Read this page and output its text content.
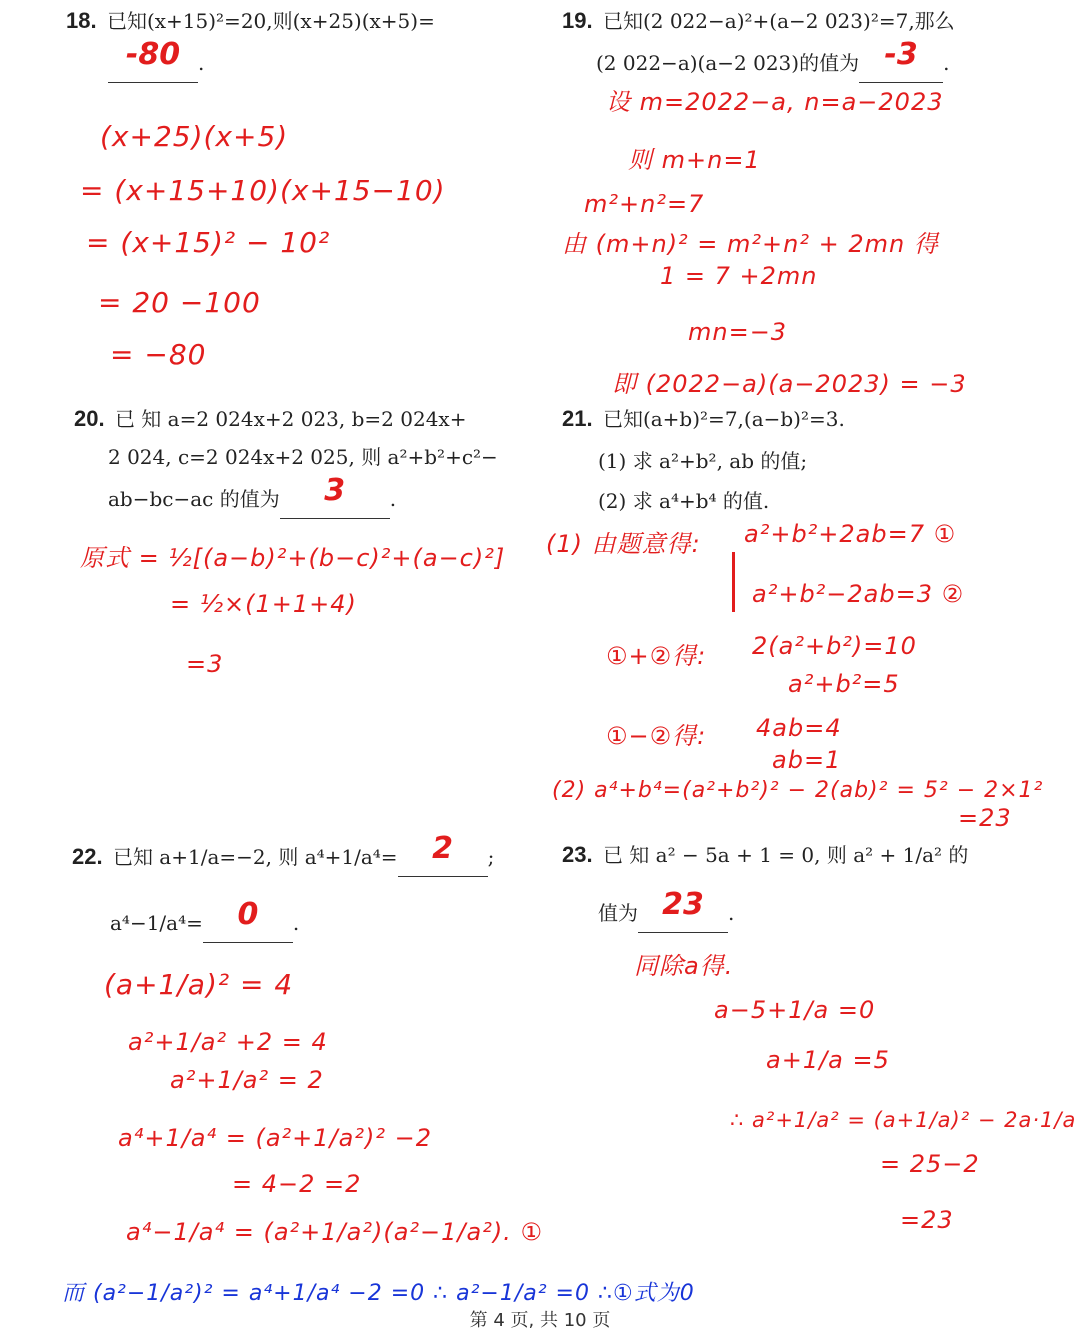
18. 已知(x+15)²=20,则(x+25)(x+5)=
-80 .
(x+25)(x+5)
= (x+15+10)(x+15−10)
= (x+15)² − 10²
= 20 −100
= −80
19. 已知(2 022−a)²+(a−2 023)²=7,那么
(2 022−a)(a−2 023)的值为 -3 .
设 m=2022−a, n=a−2023
则 m+n=1
m²+n²=7
由 (m+n)² = m²+n² + 2mn 得
1 = 7 +2mn
mn=−3
即 (2022−a)(a−2023) = −3
20. 已 知 a=2 024x+2 023, b=2 024x+
2 024, c=2 024x+2 025, 则 a²+b²+c²−
ab−bc−ac 的值为 3 .
原式 = ½[(a−b)²+(b−c)²+(a−c)²]
= ½×(1+1+4)
=3
21. 已知(a+b)²=7,(a−b)²=3.
(1) 求 a²+b², ab 的值;
(2) 求 a⁴+b⁴ 的值.
(1) 由题意得: a²+b²+2ab=7 ①
a²+b²−2ab=3 ②
①+②得: 2(a²+b²)=10
a²+b²=5
①−②得: 4ab=4
ab=1
(2) a⁴+b⁴=(a²+b²)² − 2(ab)² = 5² − 2×1²
=23
22. 已知 a+1/a=−2, 则 a⁴+1/a⁴= 2 ;
a⁴−1/a⁴= 0 .
(a+1/a)² = 4
a²+1/a² +2 = 4
a²+1/a² = 2
a⁴+1/a⁴ = (a²+1/a²)² −2
= 4−2 =2
a⁴−1/a⁴ = (a²+1/a²)(a²−1/a²). ①
而 (a²−1/a²)² = a⁴+1/a⁴ −2 =0 ∴ a²−1/a² =0 ∴①式为0
23. 已 知 a² − 5a + 1 = 0, 则 a² + 1/a² 的
值为 23 .
同除a得.
a−5+1/a =0
a+1/a =5
∴ a²+1/a² = (a+1/a)² − 2a·1/a
= 25−2
=23
第 4 页, 共 10 页
